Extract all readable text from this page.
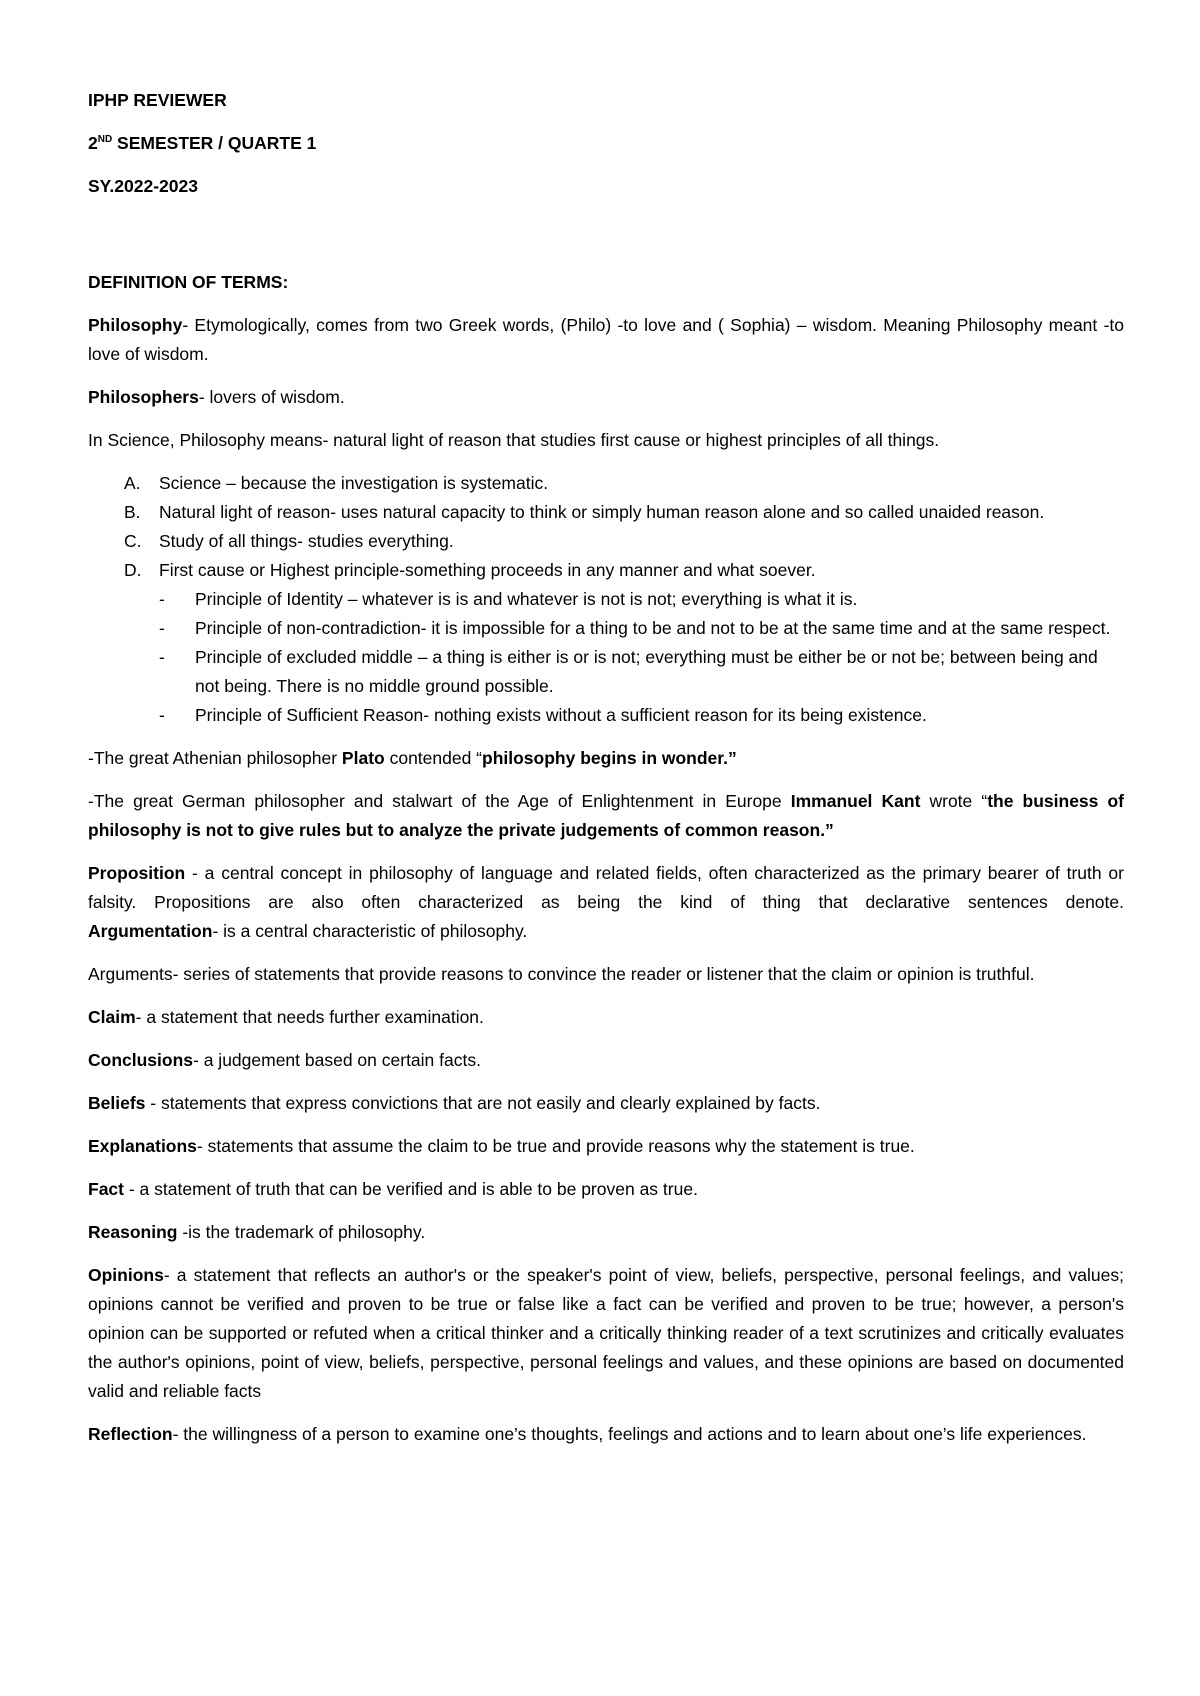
IPHP REVIEWER
2ND SEMESTER / QUARTE 1
SY.2022-2023

DEFINITION OF TERMS:

Philosophy- Etymologically, comes from two Greek words, (Philo) -to love and ( Sophia) – wisdom. Meaning Philosophy meant -to love of wisdom.

Philosophers- lovers of wisdom.

In Science, Philosophy means- natural light of reason that studies first cause or highest principles of all things.

A. Science – because the investigation is systematic.
B. Natural light of reason- uses natural capacity to think or simply human reason alone and so called unaided reason.
C. Study of all things- studies everything.
D. First cause or Highest principle-something proceeds in any manner and what soever.
- Principle of Identity – whatever is is and whatever is not is not; everything is what it is.
- Principle of non-contradiction- it is impossible for a thing to be and not to be at the same time and at the same respect.
- Principle of excluded middle – a thing is either is or is not; everything must be either be or not be; between being and not being. There is no middle ground possible.
- Principle of Sufficient Reason- nothing exists without a sufficient reason for its being existence.

-The great Athenian philosopher Plato contended “philosophy begins in wonder.”

-The great German philosopher and stalwart of the Age of Enlightenment in Europe Immanuel Kant wrote “the business of philosophy is not to give rules but to analyze the private judgements of common reason.”

Proposition - a central concept in philosophy of language and related fields, often characterized as the primary bearer of truth or falsity. Propositions are also often characterized as being the kind of thing that declarative sentences denote.

Argumentation- is a central characteristic of philosophy.

Arguments- series of statements that provide reasons to convince the reader or listener that the claim or opinion is truthful.

Claim- a statement that needs further examination.

Conclusions- a judgement based on certain facts.

Beliefs - statements that express convictions that are not easily and clearly explained by facts.

Explanations- statements that assume the claim to be true and provide reasons why the statement is true.

Fact - a statement of truth that can be verified and is able to be proven as true.

Reasoning -is the trademark of philosophy.

Opinions- a statement that reflects an author's or the speaker's point of view, beliefs, perspective, personal feelings, and values; opinions cannot be verified and proven to be true or false like a fact can be verified and proven to be true; however, a person's opinion can be supported or refuted when a critical thinker and a critically thinking reader of a text scrutinizes and critically evaluates the author's opinions, point of view, beliefs, perspective, personal feelings and values, and these opinions are based on documented valid and reliable facts

Reflection- the willingness of a person to examine one’s thoughts, feelings and actions and to learn about one’s life experiences.
